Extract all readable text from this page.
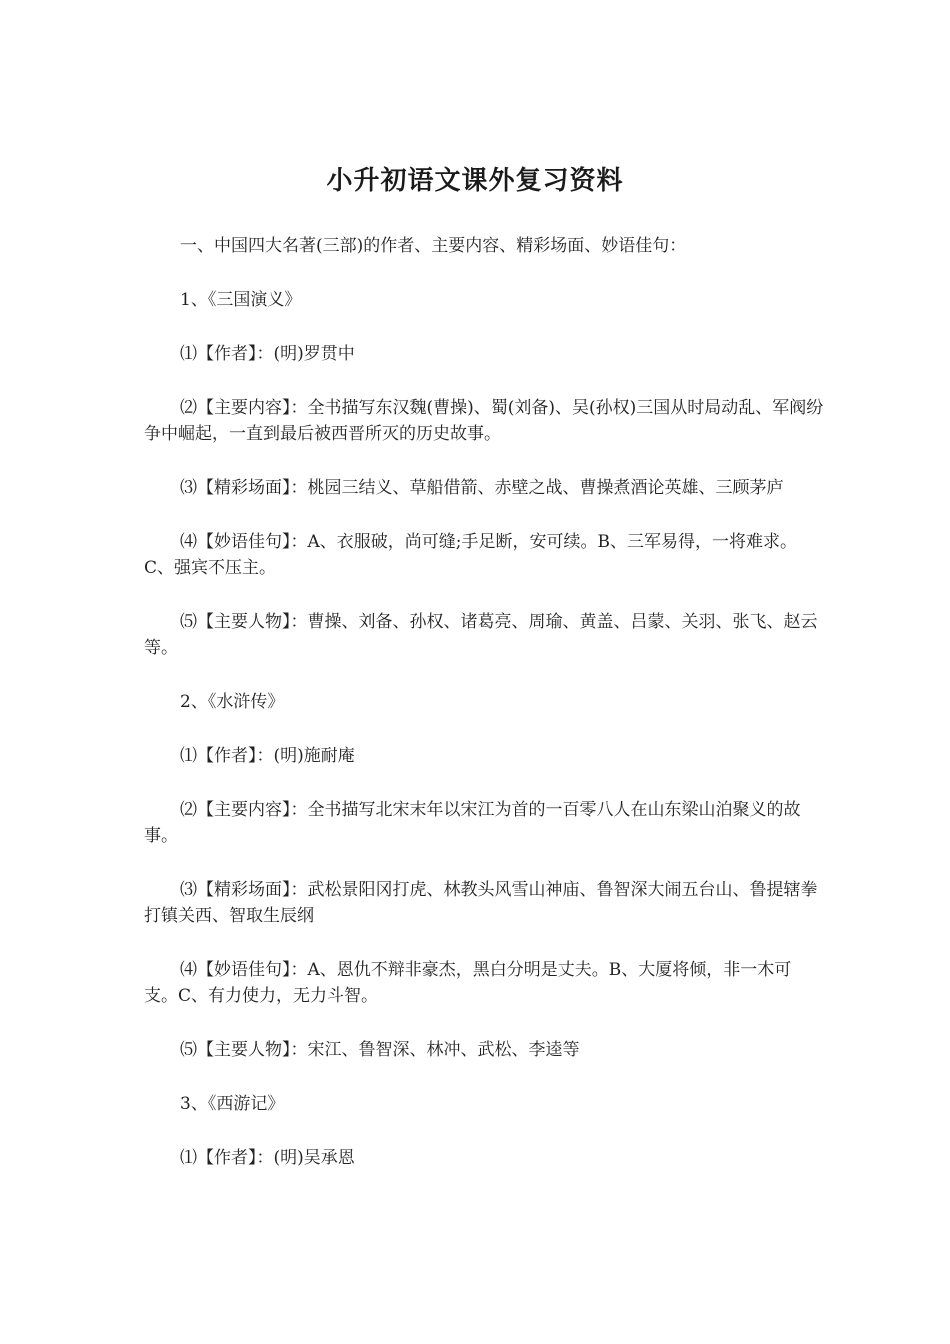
小升初语文课外复习资料

一、中国四大名著(三部)的作者、主要内容、精彩场面、妙语佳句：

1、《三国演义》

⑴【作者】：(明)罗贯中

⑵【主要内容】：全书描写东汉魏(曹操)、蜀(刘备)、吴(孙权)三国从时局动乱、军阀纷争中崛起，一直到最后被西晋所灭的历史故事。

⑶【精彩场面】：桃园三结义、草船借箭、赤壁之战、曹操煮酒论英雄、三顾茅庐

⑷【妙语佳句】：A、衣服破，尚可缝;手足断，安可续。B、三军易得，一将难求。C、强宾不压主。

⑸【主要人物】：曹操、刘备、孙权、诸葛亮、周瑜、黄盖、吕蒙、关羽、张飞、赵云等。

2、《水浒传》

⑴【作者】：(明)施耐庵

⑵【主要内容】：全书描写北宋末年以宋江为首的一百零八人在山东梁山泊聚义的故事。

⑶【精彩场面】：武松景阳冈打虎、林教头风雪山神庙、鲁智深大闹五台山、鲁提辖拳打镇关西、智取生辰纲

⑷【妙语佳句】：A、恩仇不辩非豪杰，黑白分明是丈夫。B、大厦将倾，非一木可支。C、有力使力，无力斗智。

⑸【主要人物】：宋江、鲁智深、林冲、武松、李逵等

3、《西游记》

⑴【作者】：(明)吴承恩
